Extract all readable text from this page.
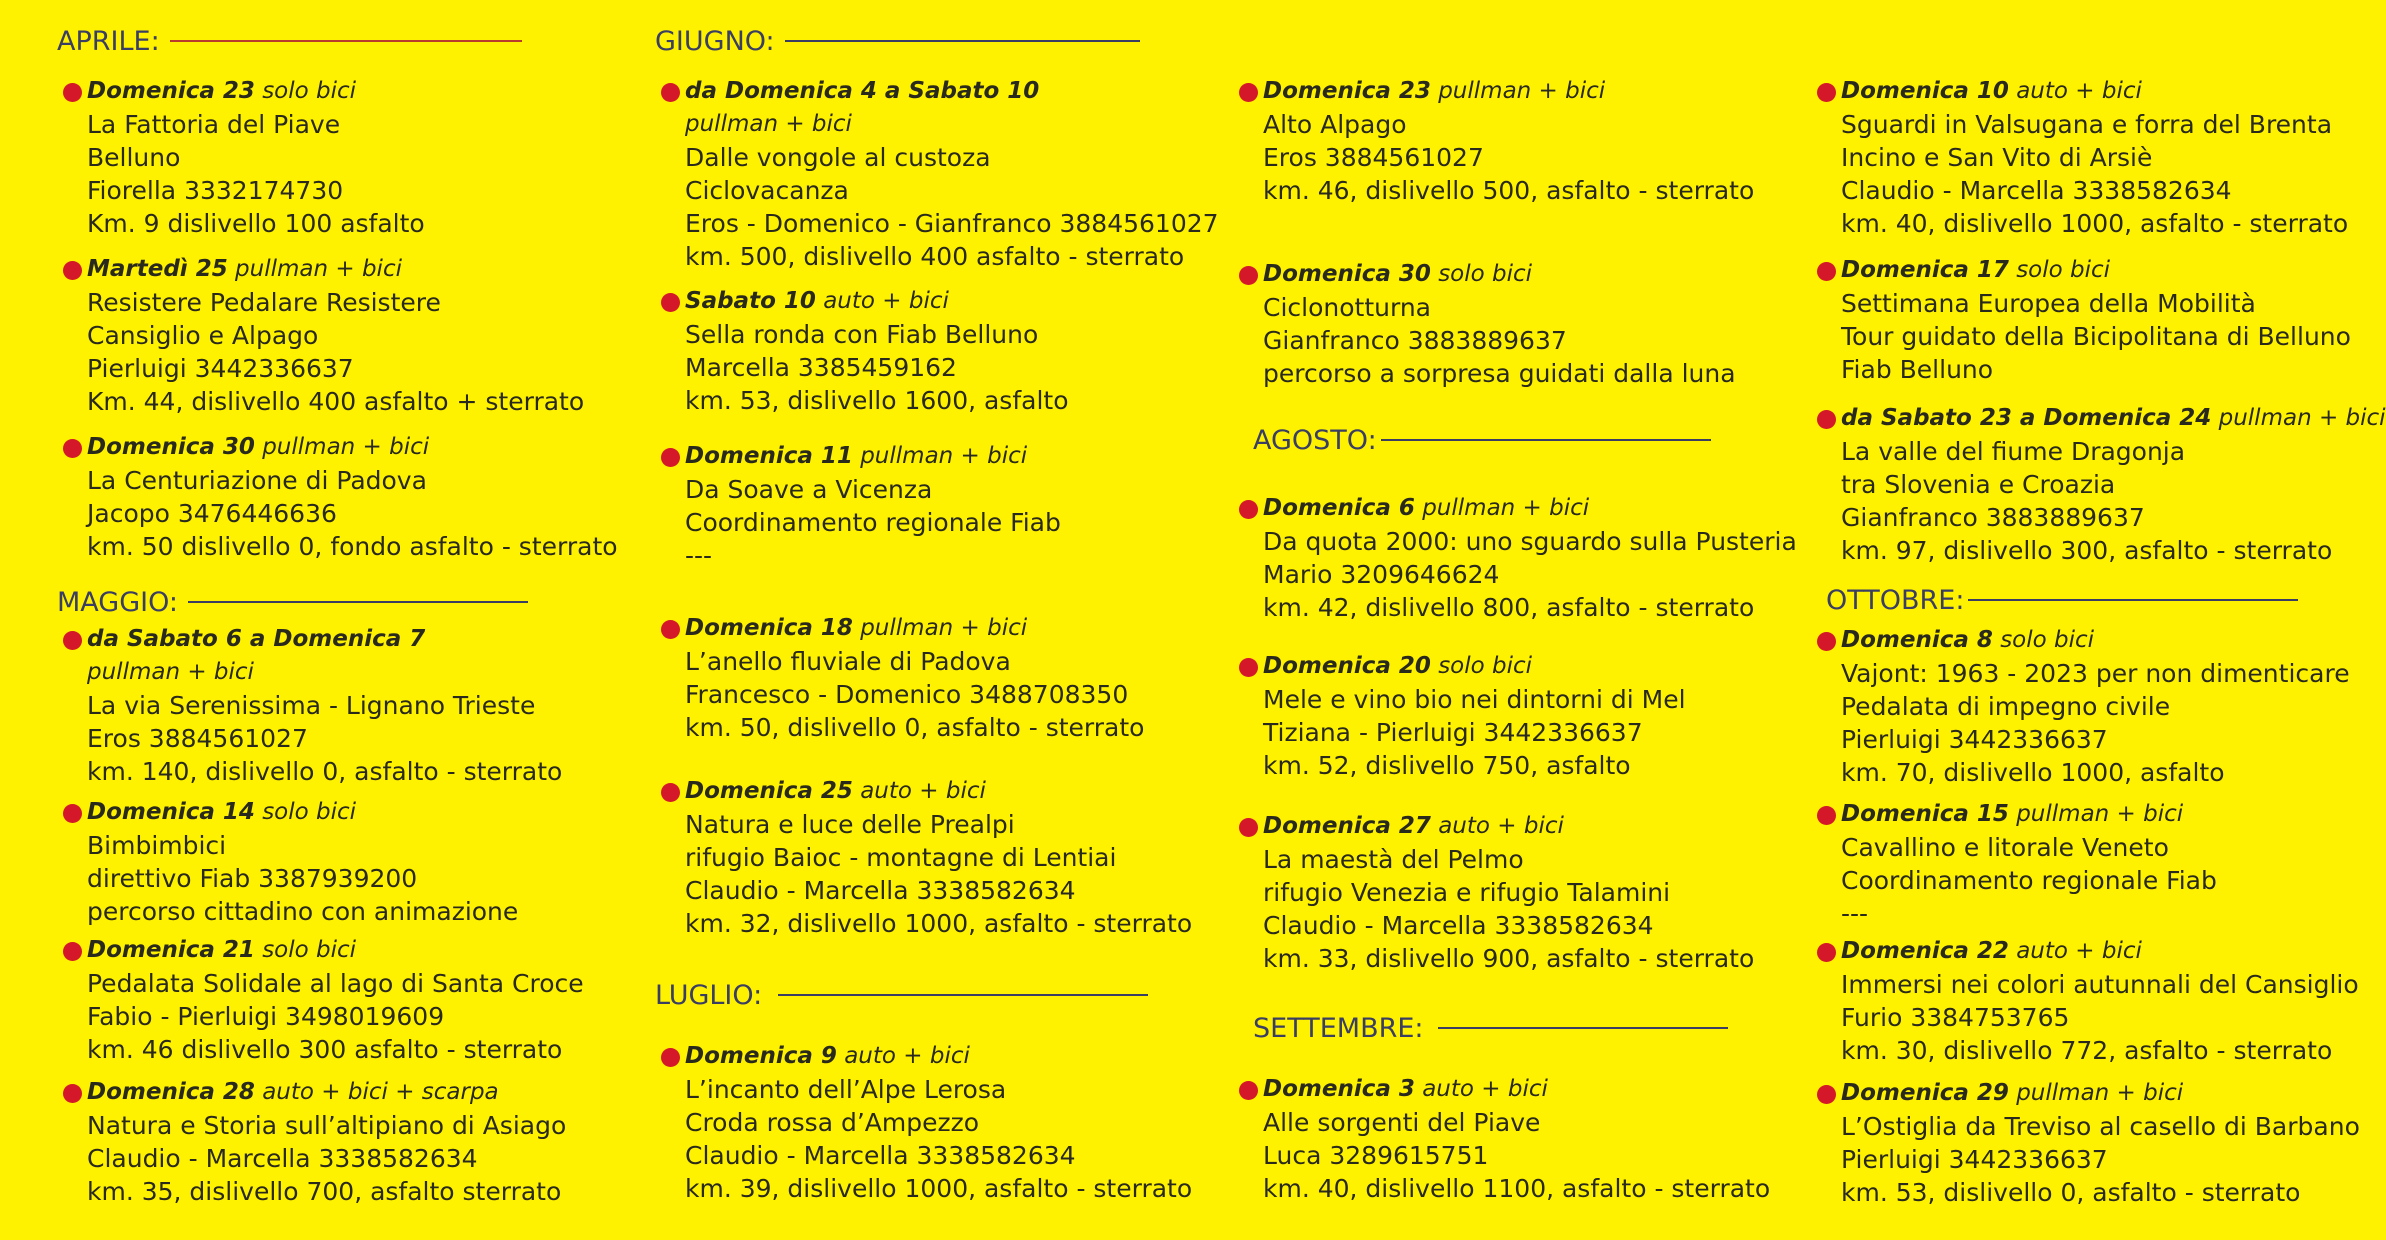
APRILE:
Domenica 23 solo bici
La Fattoria del Piave
Belluno
Fiorella 3332174730
Km. 9 dislivello 100 asfalto
Martedì 25 pullman + bici
Resistere Pedalare Resistere
Cansiglio e Alpago
Pierluigi 3442336637
Km. 44, dislivello 400 asfalto + sterrato
Domenica 30 pullman + bici
La Centuriazione di Padova
Jacopo 3476446636
km. 50 dislivello 0, fondo asfalto - sterrato
MAGGIO:
da Sabato 6 a Domenica 7
pullman + bici
La via Serenissima - Lignano Trieste
Eros 3884561027
km. 140, dislivello 0, asfalto - sterrato
Domenica 14 solo bici
Bimbimbici
direttivo Fiab 3387939200
percorso cittadino con animazione
Domenica 21 solo bici
Pedalata Solidale al lago di Santa Croce
Fabio - Pierluigi 3498019609
km. 46 dislivello 300 asfalto - sterrato
Domenica 28 auto + bici + scarpa
Natura e Storia sull’altipiano di Asiago
Claudio - Marcella 3338582634
km. 35, dislivello 700, asfalto sterrato
GIUGNO:
da Domenica 4 a Sabato 10
pullman + bici
Dalle vongole al custoza
Ciclovacanza
Eros - Domenico - Gianfranco 3884561027
km. 500, dislivello 400 asfalto - sterrato
Sabato 10 auto + bici
Sella ronda con Fiab Belluno
Marcella 3385459162
km. 53, dislivello 1600, asfalto
Domenica 11 pullman + bici
Da Soave a Vicenza
Coordinamento regionale Fiab
---
Domenica 18 pullman + bici
L’anello fluviale di Padova
Francesco - Domenico 3488708350
km. 50, dislivello 0, asfalto - sterrato
Domenica 25 auto + bici
Natura e luce delle Prealpi
rifugio Baioc - montagne di Lentiai
Claudio - Marcella 3338582634
km. 32, dislivello 1000, asfalto - sterrato
LUGLIO:
Domenica 9 auto + bici
L’incanto dell’Alpe Lerosa
Croda rossa d’Ampezzo
Claudio - Marcella 3338582634
km. 39, dislivello 1000, asfalto - sterrato
Domenica 23 pullman + bici
Alto Alpago
Eros 3884561027
km. 46, dislivello 500, asfalto - sterrato
Domenica 30 solo bici
Ciclonotturna
Gianfranco 3883889637
percorso a sorpresa guidati dalla luna
AGOSTO:
Domenica 6 pullman + bici
Da quota 2000: uno sguardo sulla Pusteria
Mario 3209646624
km. 42, dislivello 800, asfalto - sterrato
Domenica 20 solo bici
Mele e vino bio nei dintorni di Mel
Tiziana - Pierluigi 3442336637
km. 52, dislivello 750, asfalto
Domenica 27 auto + bici
La maestà del Pelmo
rifugio Venezia e rifugio Talamini
Claudio - Marcella 3338582634
km. 33, dislivello 900, asfalto - sterrato
SETTEMBRE:
Domenica 3 auto + bici
Alle sorgenti del Piave
Luca 3289615751
km. 40, dislivello 1100, asfalto - sterrato
Domenica 10 auto + bici
Sguardi in Valsugana e forra del Brenta
Incino e San Vito di Arsiè
Claudio - Marcella 3338582634
km. 40, dislivello 1000, asfalto - sterrato
Domenica 17 solo bici
Settimana Europea della Mobilità
Tour guidato della Bicipolitana di Belluno
Fiab Belluno
da Sabato 23 a Domenica 24 pullman + bici
La valle del fiume Dragonja
tra Slovenia e Croazia
Gianfranco 3883889637
km. 97, dislivello 300, asfalto - sterrato
OTTOBRE:
Domenica 8 solo bici
Vajont: 1963 - 2023 per non dimenticare
Pedalata di impegno civile
Pierluigi 3442336637
km. 70, dislivello 1000, asfalto
Domenica 15 pullman + bici
Cavallino e litorale Veneto
Coordinamento regionale Fiab
---
Domenica 22 auto + bici
Immersi nei colori autunnali del Cansiglio
Furio 3384753765
km. 30, dislivello 772, asfalto - sterrato
Domenica 29 pullman + bici
L’Ostiglia da Treviso al casello di Barbano
Pierluigi 3442336637
km. 53, dislivello 0, asfalto - sterrato
